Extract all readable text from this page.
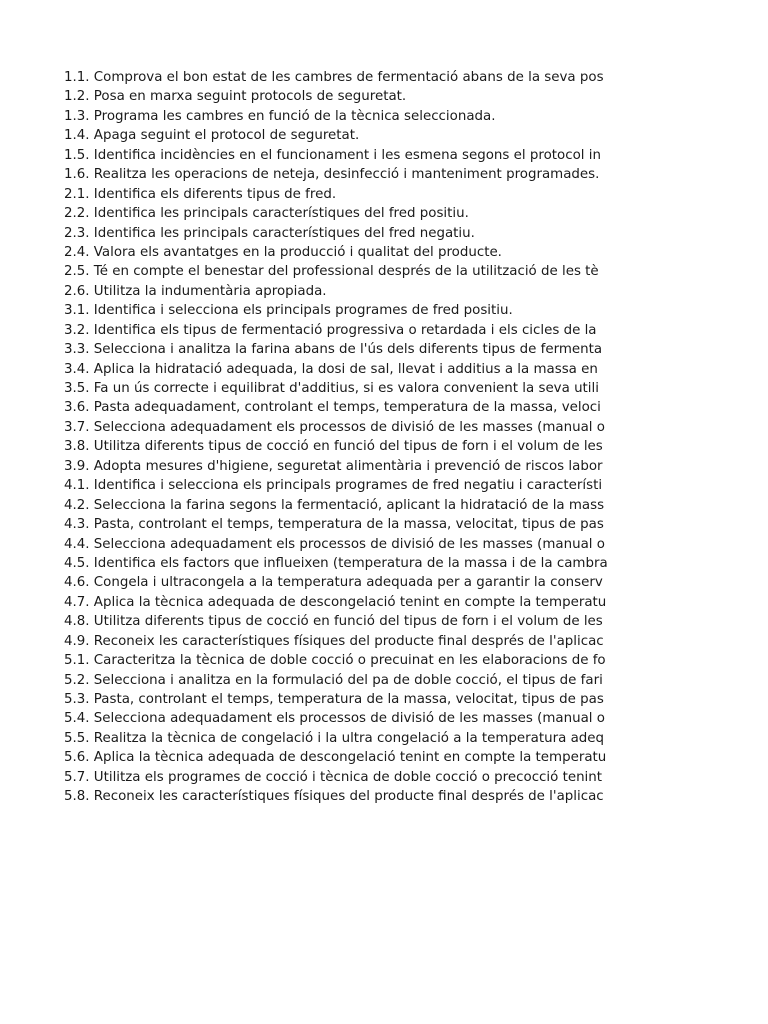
1.1. Comprova el bon estat de les cambres de fermentació abans de la seva pos
1.2. Posa en marxa seguint protocols de seguretat.
1.3. Programa les cambres en funció de la tècnica seleccionada.
1.4. Apaga seguint el protocol de seguretat.
1.5. Identifica incidències en el funcionament i les esmena segons el protocol in
1.6. Realitza les operacions de neteja, desinfecció i manteniment programades.
2.1. Identifica els diferents tipus de fred.
2.2. Identifica les principals característiques del fred positiu.
2.3. Identifica les principals característiques del fred negatiu.
2.4. Valora els avantatges en la producció i qualitat del producte.
2.5. Té en compte el benestar del professional després de la utilització de les tè
2.6. Utilitza la indumentària apropiada.
3.1. Identifica i selecciona els principals programes de fred positiu.
3.2. Identifica els tipus de fermentació progressiva o retardada i els cicles de la
3.3. Selecciona i analitza la farina abans de l'ús dels diferents tipus de fermenta
3.4. Aplica la hidratació adequada, la dosi de sal, llevat i additius a la massa en
3.5. Fa un ús correcte i equilibrat d'additius, si es valora convenient la seva utili
3.6. Pasta adequadament, controlant el temps, temperatura de la massa, veloci
3.7. Selecciona adequadament els processos de divisió de les masses (manual o
3.8. Utilitza diferents tipus de cocció en funció del tipus de forn i el volum de les
3.9. Adopta mesures d'higiene, seguretat alimentària i prevenció de riscos labor
4.1. Identifica i selecciona els principals programes de fred negatiu i característi
4.2. Selecciona la farina segons la fermentació, aplicant la hidratació de la mass
4.3. Pasta, controlant el temps, temperatura de la massa, velocitat, tipus de pas
4.4. Selecciona adequadament els processos de divisió de les masses (manual o
4.5. Identifica els factors que influeixen (temperatura de la massa i de la cambra
4.6. Congela i ultracongela a la temperatura adequada per a garantir la conserv
4.7. Aplica la tècnica adequada de descongelació tenint en compte la temperatu
4.8. Utilitza diferents tipus de cocció en funció del tipus de forn i el volum de les
4.9. Reconeix les característiques físiques del producte final després de l'aplicac
5.1. Caracteritza la tècnica de doble cocció o precuinat en les elaboracions de fo
5.2. Selecciona i analitza en la formulació del pa de doble cocció, el tipus de fari
5.3. Pasta, controlant el temps, temperatura de la massa, velocitat, tipus de pas
5.4. Selecciona adequadament els processos de divisió de les masses (manual o
5.5. Realitza la tècnica de congelació i la ultra congelació a la temperatura adeq
5.6. Aplica la tècnica adequada de descongelació tenint en compte la temperatu
5.7. Utilitza els programes de cocció i tècnica de doble cocció o precocció tenint
5.8. Reconeix les característiques físiques del producte final després de l'aplicac
